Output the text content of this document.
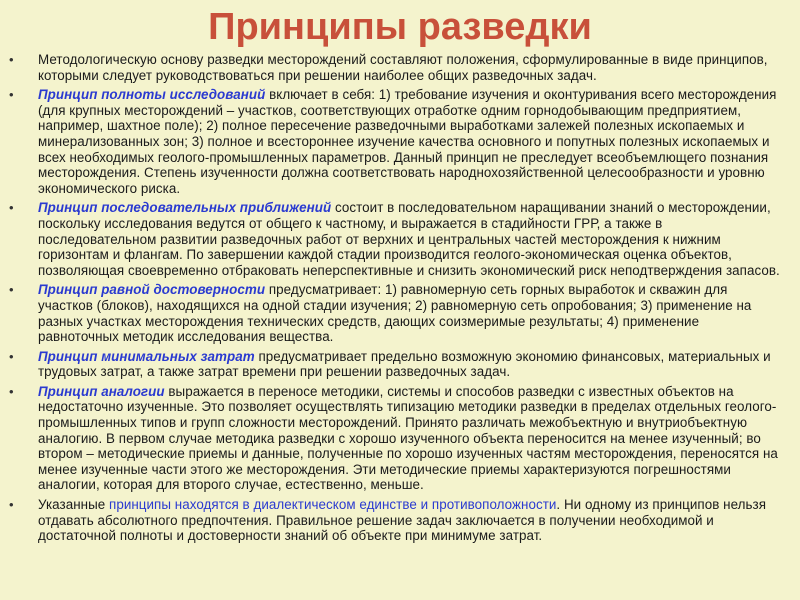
Принципы разведки
• Методологическую основу разведки месторождений составляют положения, сформулированные в виде принципов, которыми следует руководствоваться при решении наиболее общих разведочных задач.
• Принцип полноты исследований включает в себя: 1) требование изучения и оконтуривания всего месторождения (для крупных месторождений – участков, соответствующих отработке одним горнодобывающим предприятием, например, шахтное поле); 2) полное пересечение разведочными выработками залежей полезных ископаемых и минерализованных зон; 3) полное и всестороннее изучение качества основного и попутных полезных ископаемых и всех необходимых геолого-промышленных параметров. Данный принцип не преследует всеобъемлющего познания месторождения. Степень изученности должна соответствовать народнохозяйственной целесообразности и уровню экономического риска.
• Принцип последовательных приближений состоит в последовательном наращивании знаний о месторождении, поскольку исследования ведутся от общего к частному, и выражается в стадийности ГРР, а также в последовательном развитии разведочных работ от верхних и центральных частей месторождения к нижним горизонтам и флангам. По завершении каждой стадии производится геолого-экономическая оценка объектов, позволяющая своевременно отбраковать неперспективные и снизить экономический риск неподтверждения запасов.
• Принцип равной достоверности предусматривает: 1) равномерную сеть горных выработок и скважин для участков (блоков), находящихся на одной стадии изучения; 2) равномерную сеть опробования; 3) применение на разных участках месторождения технических средств, дающих соизмеримые результаты; 4) применение равноточных методик исследования вещества.
• Принцип минимальных затрат предусматривает предельно возможную экономию финансовых, материальных и трудовых затрат, а также затрат времени при решении разведочных задач.
• Принцип аналогии выражается в переносе методики, системы и способов разведки с известных объектов на недостаточно изученные. Это позволяет осуществлять типизацию методики разведки в пределах отдельных геолого-промышленных типов и групп сложности месторождений. Принято различать межобъектную и внутриобъектную аналогию. В первом случае методика разведки с хорошо изученного объекта переносится на менее изученный; во втором – методические приемы и данные, полученные по хорошо изученных частям месторождения, переносятся на менее изученные части этого же месторождения. Эти методические приемы характеризуются погрешностями аналогии, которая для второго случае, естественно, меньше.
• Указанные принципы находятся в диалектическом единстве и противоположности. Ни одному из принципов нельзя отдавать абсолютного предпочтения. Правильное решение задач заключается в получении необходимой и достаточной полноты и достоверности знаний об объекте при минимуме затрат.
